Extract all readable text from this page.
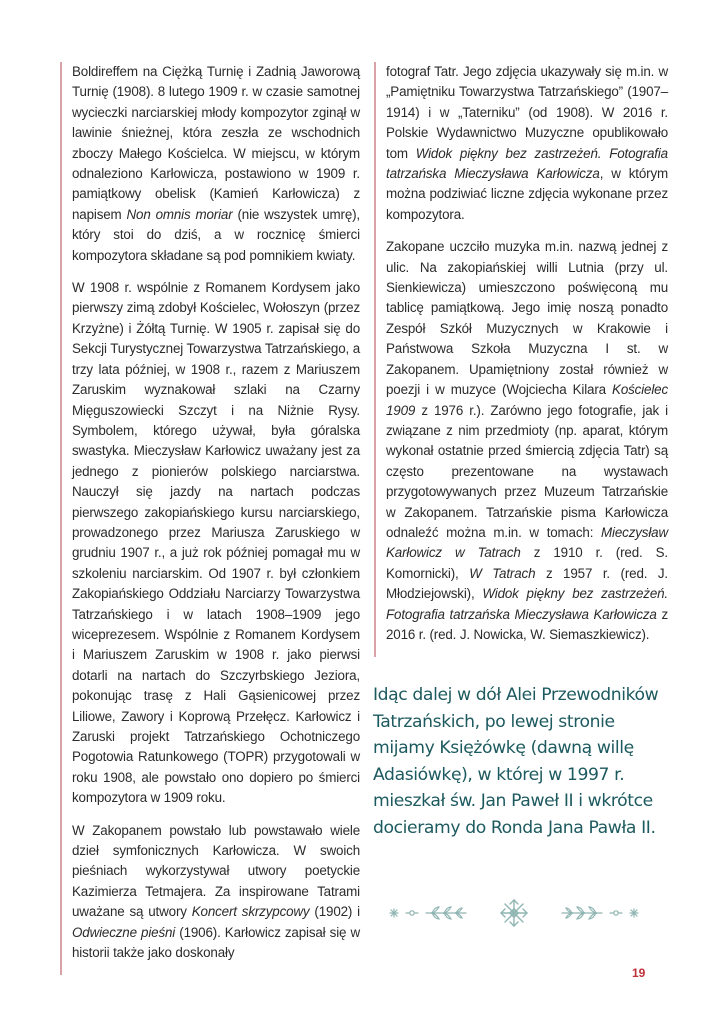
Boldireffem na Ciężką Turnię i Zadnią Jaworową Turnię (1908). 8 lutego 1909 r. w czasie samotnej wycieczki narciarskiej młody kompozytor zginął w lawinie śnieżnej, która zeszła ze wschodnich zboczy Małego Kościelca. W miejscu, w którym odnaleziono Karłowicza, postawiono w 1909 r. pamiątkowy obelisk (Kamień Karłowicza) z napisem Non omnis moriar (nie wszystek umrę), który stoi do dziś, a w rocznicę śmierci kompozytora składane są pod pomnikiem kwiaty.

W 1908 r. wspólnie z Romanem Kordysem jako pierwszy zimą zdobył Kościelec, Wołoszyn (przez Krzyżne) i Żółtą Turnię. W 1905 r. zapisał się do Sekcji Turystycznej Towarzystwa Tatrzańskiego, a trzy lata później, w 1908 r., razem z Mariuszem Zaruskim wyznakował szlaki na Czarny Mięguszowiecki Szczyt i na Niżnie Rysy. Symbolem, którego używał, była góralska swastyka. Mieczysław Karłowicz uważany jest za jednego z pionierów polskiego narciarstwa. Nauczył się jazdy na nartach podczas pierwszego zakopiańskiego kursu narciarskiego, prowadzonego przez Mariusza Zaruskiego w grudniu 1907 r., a już rok później pomagał mu w szkoleniu narciarskim. Od 1907 r. był członkiem Zakopiańskiego Oddziału Narciarzy Towarzystwa Tatrzańskiego i w latach 1908–1909 jego wiceprezesem. Wspólnie z Romanem Kordysem i Mariuszem Zaruskim w 1908 r. jako pierwsi dotarli na nartach do Szczyrbskiego Jeziora, pokonując trasę z Hali Gąsienicowej przez Liliowe, Zawory i Koprową Przełęcz. Karłowicz i Zaruski projekt Tatrzańskiego Ochotniczego Pogotowia Ratunkowego (TOPR) przygotowali w roku 1908, ale powstało ono dopiero po śmierci kompozytora w 1909 roku.

W Zakopanem powstało lub powstawało wiele dzieł symfonicznych Karłowicza. W swoich pieśniach wykorzystywał utwory poetyckie Kazimierza Tetmajera. Za inspirowane Tatrami uważane są utwory Koncert skrzypcowy (1902) i Odwieczne pieśni (1906). Karłowicz zapisał się w historii także jako doskonały

fotograf Tatr. Jego zdjęcia ukazywały się m.in. w „Pamiętniku Towarzystwa Tatrzańskiego” (1907–1914) i w „Taterniku” (od 1908). W 2016 r. Polskie Wydawnictwo Muzyczne opublikowało tom Widok piękny bez zastrzeżeń. Fotografia tatrzańska Mieczysława Karłowicza, w którym można podziwiać liczne zdjęcia wykonane przez kompozytora.

Zakopane uczciło muzyka m.in. nazwą jednej z ulic. Na zakopiańskiej willi Lutnia (przy ul. Sienkiewicza) umieszczono poświęconą mu tablicę pamiątkową. Jego imię noszą ponadto Zespół Szkół Muzycznych w Krakowie i Państwowa Szkoła Muzyczna I st. w Zakopanem. Upamiętniony został również w poezji i w muzyce (Wojciecha Kilara Kościelec 1909 z 1976 r.). Zarówno jego fotografie, jak i związane z nim przedmioty (np. aparat, którym wykonał ostatnie przed śmiercią zdjęcia Tatr) są często prezentowane na wystawach przygotowywanych przez Muzeum Tatrzańskie w Zakopanem. Tatrzańskie pisma Karłowicza odnaleźć można m.in. w tomach: Mieczysław Karłowicz w Tatrach z 1910 r. (red. S. Komornicki), W Tatrach z 1957 r. (red. J. Młodziejowski), Widok piękny bez zastrzeżeń. Fotografia tatrzańska Mieczysława Karłowicza z 2016 r. (red. J. Nowicka, W. Siemaszkiewicz).

Idąc dalej w dół Alei Przewodników Tatrzańskich, po lewej stronie mijamy Księżówkę (dawną willę Adasiówkę), w której w 1997 r. mieszkał św. Jan Paweł II i wkrótce docieramy do Ronda Jana Pawła II.

19
